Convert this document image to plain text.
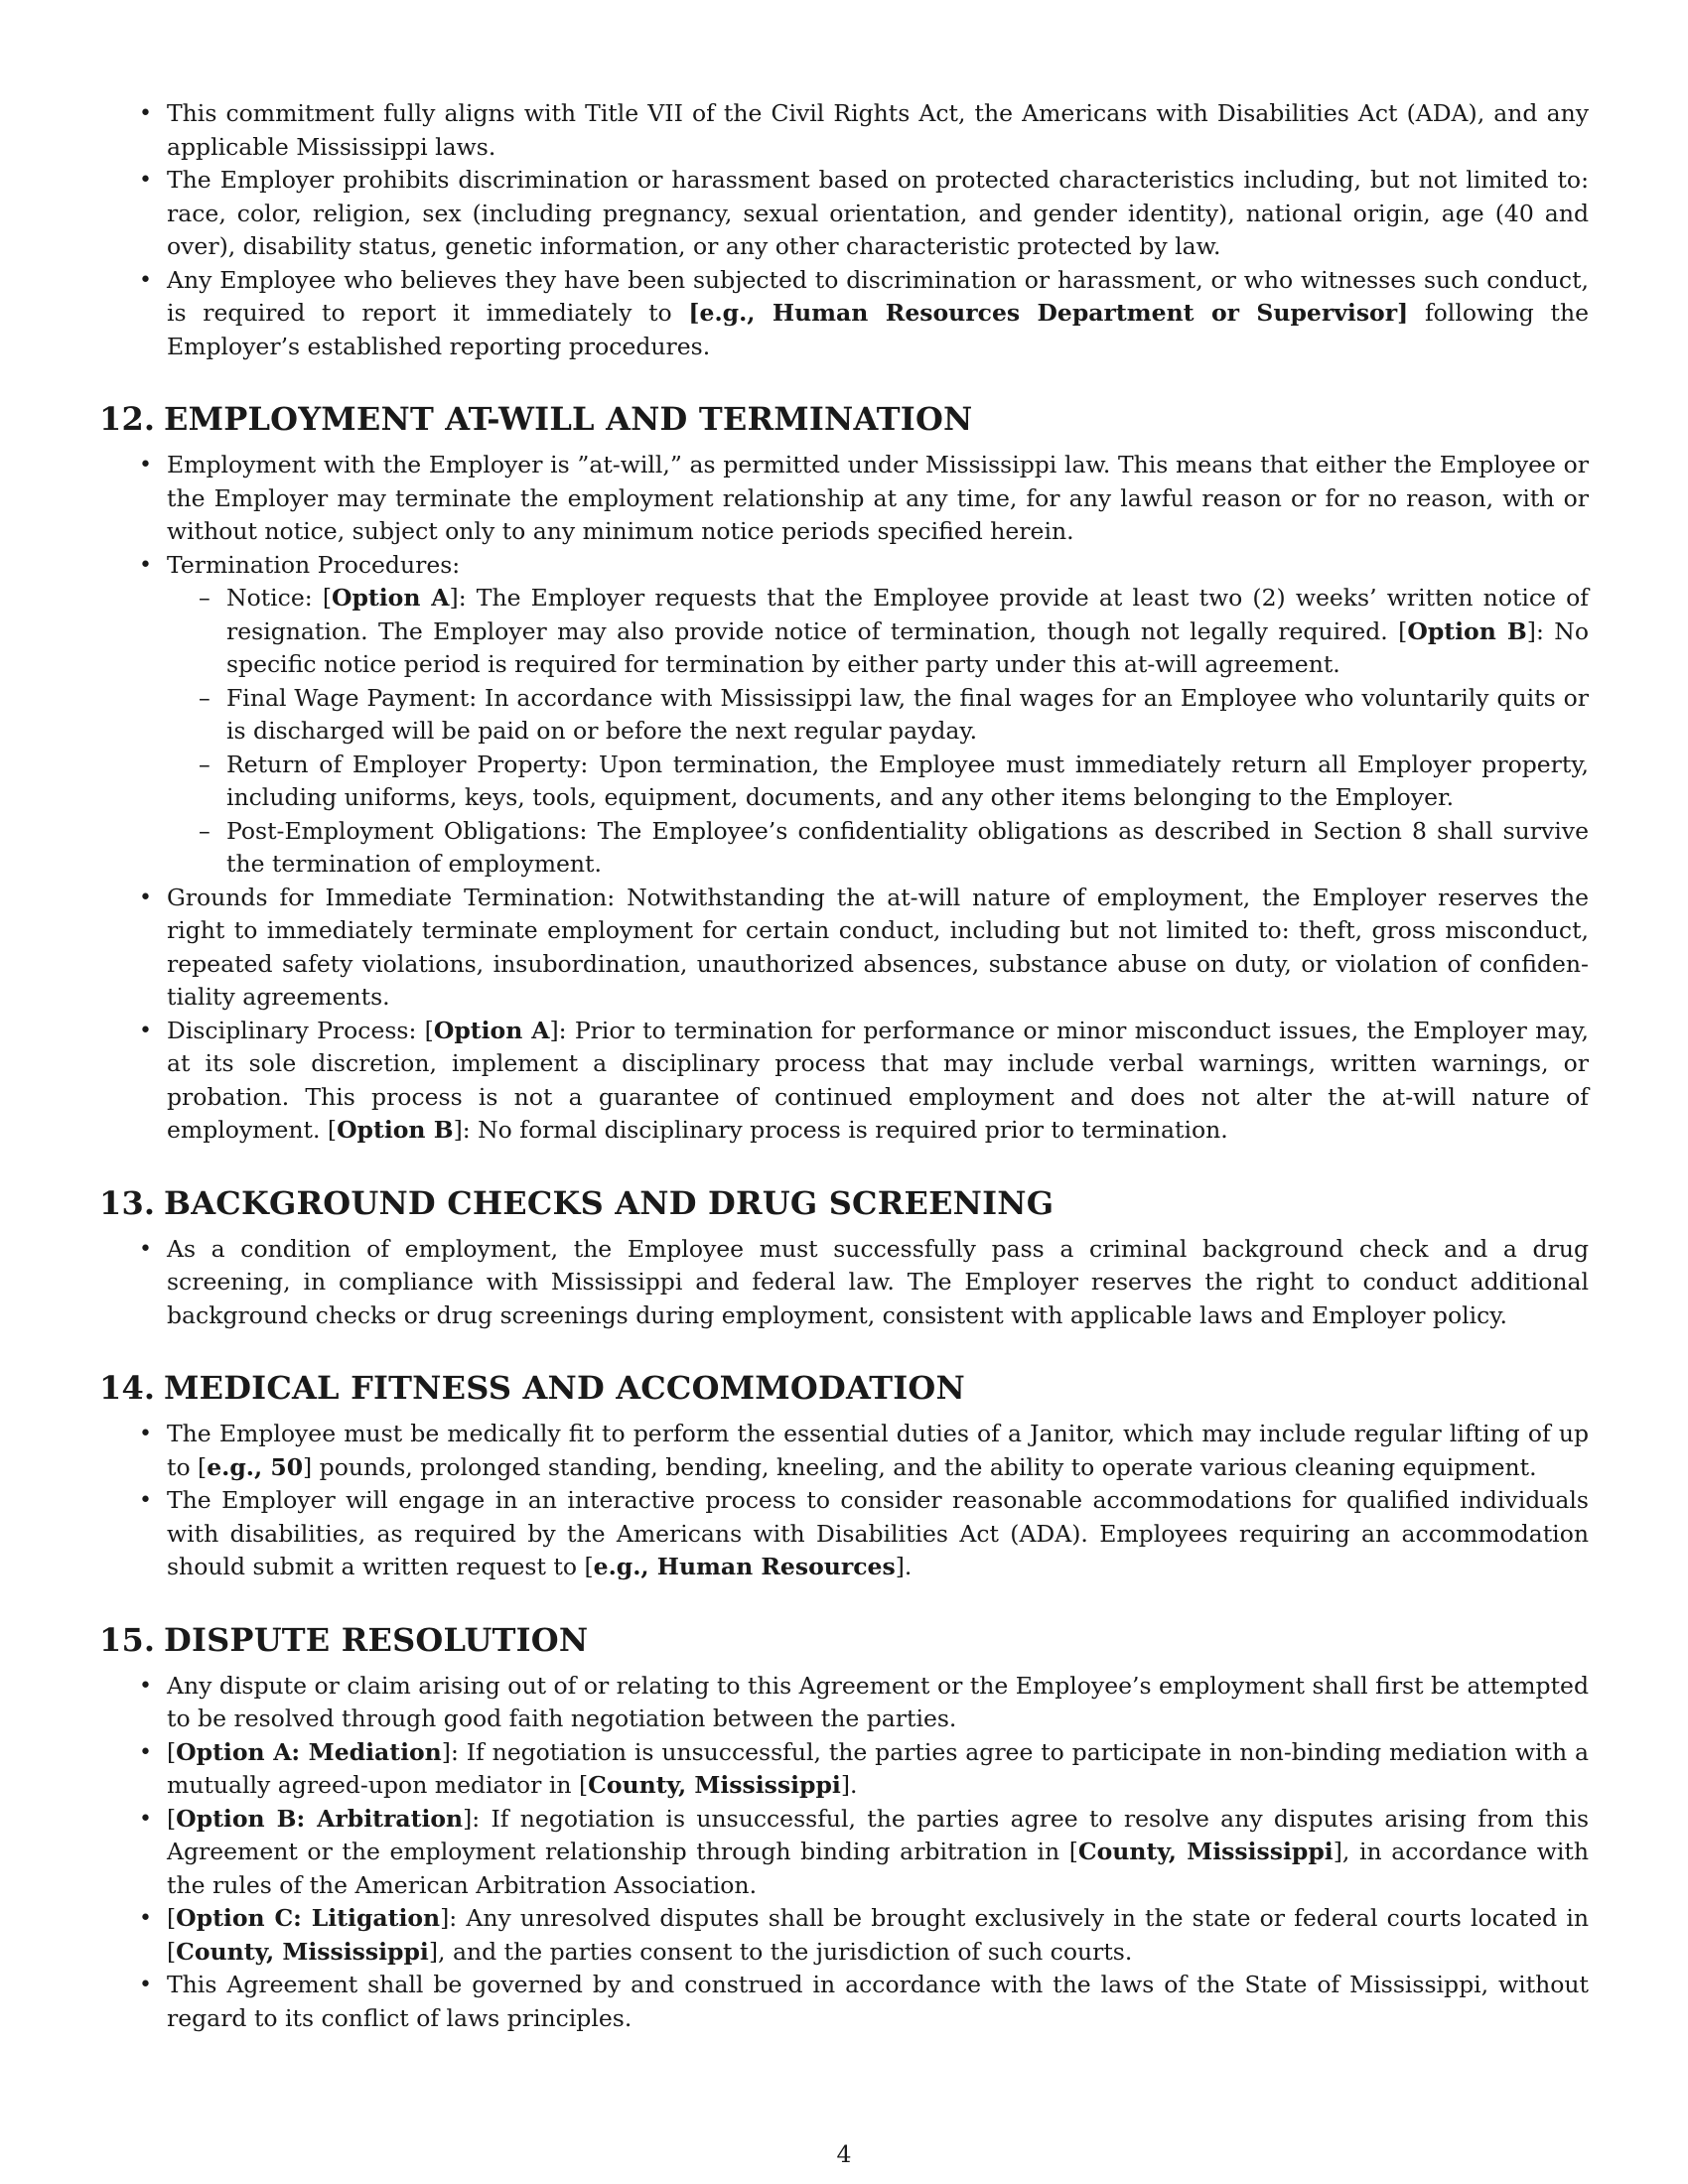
• This commitment fully aligns with Title VII of the Civil Rights Act, the Americans with Disabilities Act (ADA), and any applicable Mississippi laws.
• The Employer prohibits discrimination or harassment based on protected characteristics including, but not limited to: race, color, religion, sex (including pregnancy, sexual orientation, and gender identity), national origin, age (40 and over), disability status, genetic information, or any other characteristic protected by law.
• Any Employee who believes they have been subjected to discrimination or harassment, or who witnesses such conduct, is required to report it immediately to [e.g., Human Resources Department or Supervisor] following the Employer’s established reporting procedures.
12. EMPLOYMENT AT-WILL AND TERMINATION
• Employment with the Employer is ”at-will,” as permitted under Mississippi law. This means that either the Employee or the Employer may terminate the employment relationship at any time, for any lawful reason or for no reason, with or without notice, subject only to any minimum notice periods specified herein.
• Termination Procedures:
– Notice: [Option A]: The Employer requests that the Employee provide at least two (2) weeks’ written notice of resignation. The Employer may also provide notice of termination, though not legally required. [Option B]: No specific notice period is required for termination by either party under this at-will agreement.
– Final Wage Payment: In accordance with Mississippi law, the final wages for an Employee who voluntarily quits or is discharged will be paid on or before the next regular payday.
– Return of Employer Property: Upon termination, the Employee must immediately return all Employer property, including uniforms, keys, tools, equipment, documents, and any other items belonging to the Employer.
– Post-Employment Obligations: The Employee’s confidentiality obligations as described in Section 8 shall survive the termination of employment.
• Grounds for Immediate Termination: Notwithstanding the at-will nature of employment, the Employer reserves the right to immediately terminate employment for certain conduct, including but not limited to: theft, gross misconduct, repeated safety violations, insubordination, unauthorized absences, substance abuse on duty, or violation of confidentiality agreements.
• Disciplinary Process: [Option A]: Prior to termination for performance or minor misconduct issues, the Employer may, at its sole discretion, implement a disciplinary process that may include verbal warnings, written warnings, or probation. This process is not a guarantee of continued employment and does not alter the at-will nature of employment. [Option B]: No formal disciplinary process is required prior to termination.
13. BACKGROUND CHECKS AND DRUG SCREENING
• As a condition of employment, the Employee must successfully pass a criminal background check and a drug screening, in compliance with Mississippi and federal law. The Employer reserves the right to conduct additional background checks or drug screenings during employment, consistent with applicable laws and Employer policy.
14. MEDICAL FITNESS AND ACCOMMODATION
• The Employee must be medically fit to perform the essential duties of a Janitor, which may include regular lifting of up to [e.g., 50] pounds, prolonged standing, bending, kneeling, and the ability to operate various cleaning equipment.
• The Employer will engage in an interactive process to consider reasonable accommodations for qualified individuals with disabilities, as required by the Americans with Disabilities Act (ADA). Employees requiring an accommodation should submit a written request to [e.g., Human Resources].
15. DISPUTE RESOLUTION
• Any dispute or claim arising out of or relating to this Agreement or the Employee’s employment shall first be attempted to be resolved through good faith negotiation between the parties.
• [Option A: Mediation]: If negotiation is unsuccessful, the parties agree to participate in non-binding mediation with a mutually agreed-upon mediator in [County, Mississippi].
• [Option B: Arbitration]: If negotiation is unsuccessful, the parties agree to resolve any disputes arising from this Agreement or the employment relationship through binding arbitration in [County, Mississippi], in accordance with the rules of the American Arbitration Association.
• [Option C: Litigation]: Any unresolved disputes shall be brought exclusively in the state or federal courts located in [County, Mississippi], and the parties consent to the jurisdiction of such courts.
• This Agreement shall be governed by and construed in accordance with the laws of the State of Mississippi, without regard to its conflict of laws principles.
4
